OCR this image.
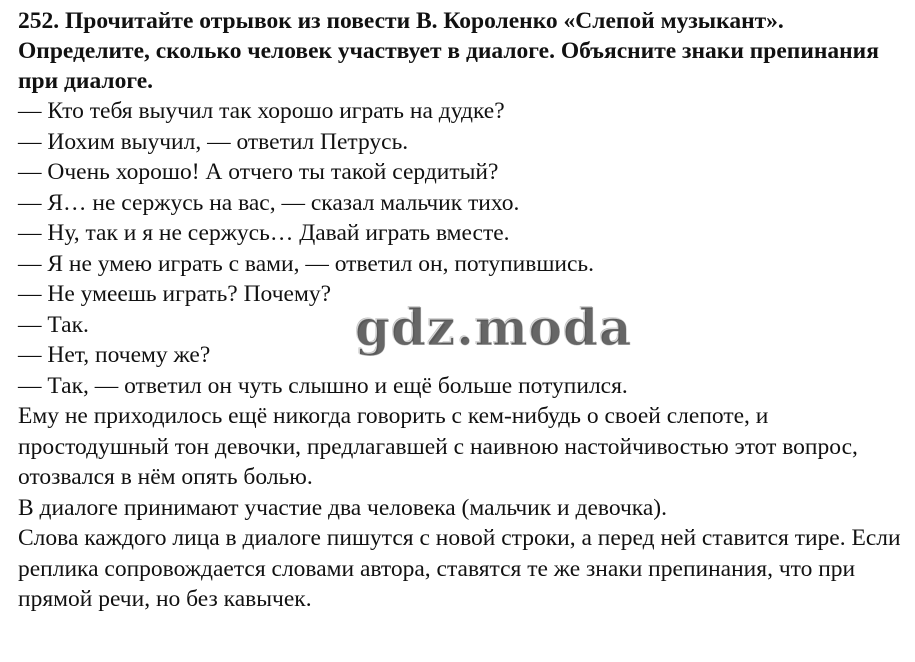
252. Прочитайте отрывок из повести В. Короленко «Слепой музыкант». Определите, сколько человек участвует в диалоге. Объясните знаки препинания при диалоге.

— Кто тебя выучил так хорошо играть на дудке?
— Иохим выучил, — ответил Петрусь.
— Очень хорошо! А отчего ты такой сердитый?
— Я… не сержусь на вас, — сказал мальчик тихо.
— Ну, так и я не сержусь… Давай играть вместе.
— Я не умею играть с вами, — ответил он, потупившись.
— Не умеешь играть? Почему?
— Так.
— Нет, почему же?
— Так, — ответил он чуть слышно и ещё больше потупился.

Ему не приходилось ещё никогда говорить с кем-нибудь о своей слепоте, и простодушный тон девочки, предлагавшей с наивною настойчивостью этот вопрос, отозвался в нём опять болью.

В диалоге принимают участие два человека (мальчик и девочка).

Слова каждого лица в диалоге пишутся с новой строки, а перед ней ставится тире. Если реплика сопровождается словами автора, ставятся те же знаки препинания, что при прямой речи, но без кавычек.

gdz.moda
